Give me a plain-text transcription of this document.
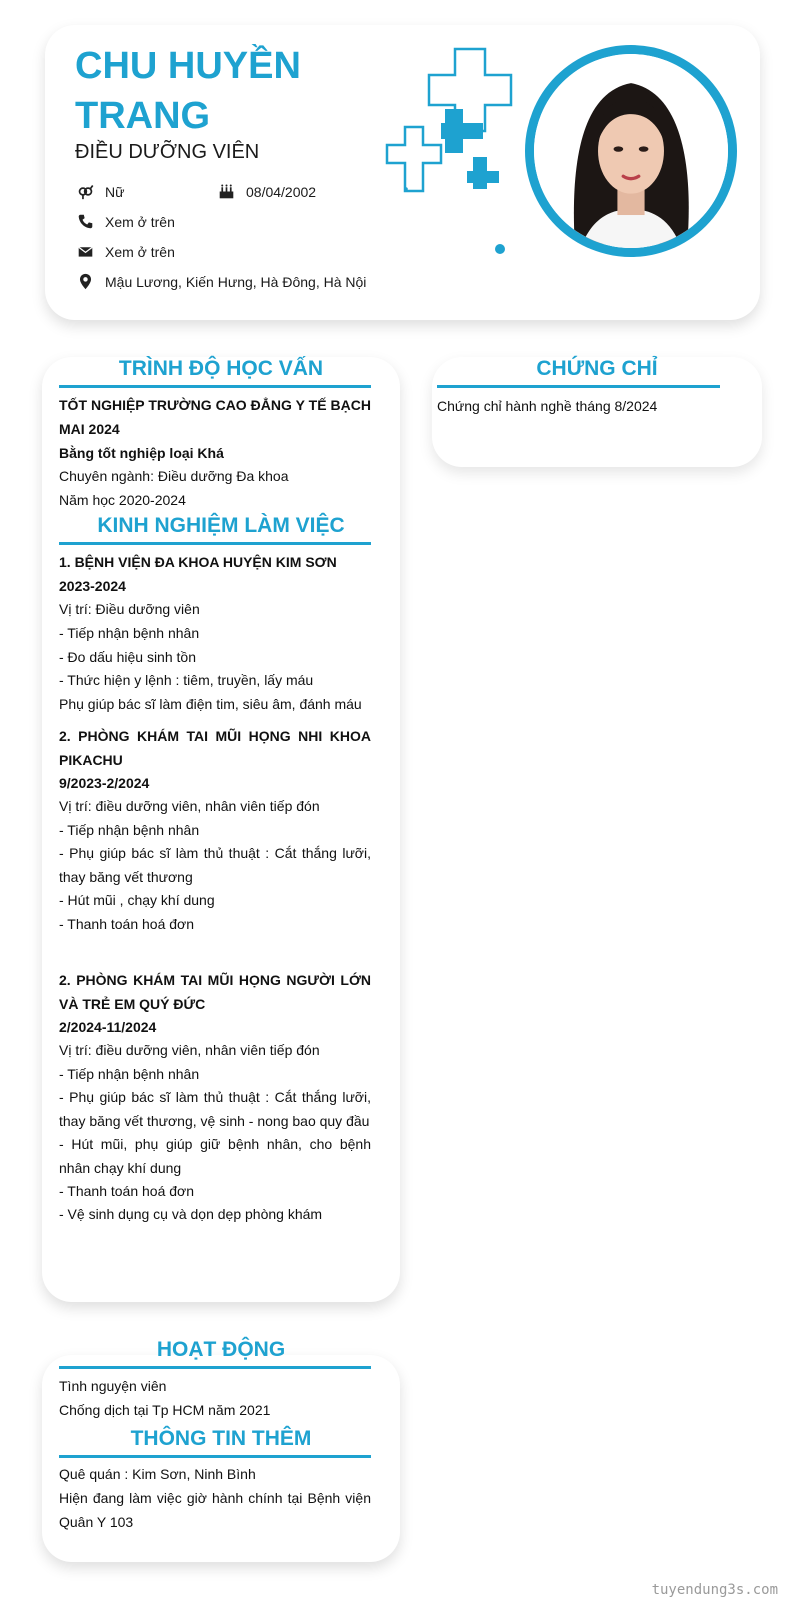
CHU HUYỀN TRANG
ĐIỀU DƯỠNG VIÊN
Nữ	08/04/2002
Xem ở trên
Xem ở trên
Mậu Lương, Kiến Hưng, Hà Đông, Hà Nội
TRÌNH ĐỘ HỌC VẤN
TỐT NGHIỆP TRƯỜNG CAO ĐẲNG Y TẾ BẠCH MAI 2024
Bằng tốt nghiệp loại Khá
Chuyên ngành: Điều dưỡng Đa khoa
Năm học 2020-2024
KINH NGHIỆM LÀM VIỆC
1. BỆNH VIỆN ĐA KHOA HUYỆN KIM SƠN
2023-2024
Vị trí: Điều dưỡng viên
- Tiếp nhận bệnh nhân
- Đo dấu hiệu sinh tồn
- Thức hiện y lệnh : tiêm, truyền, lấy máu
Phụ giúp bác sĩ làm điện tim, siêu âm, đánh máu
2. PHÒNG KHÁM TAI MŨI HỌNG NHI KHOA PIKACHU
9/2023-2/2024
Vị trí: điều dưỡng viên, nhân viên tiếp đón
- Tiếp nhận bệnh nhân
- Phụ giúp bác sĩ làm thủ thuật : Cắt thắng lưỡi, thay băng vết thương
- Hút mũi , chạy khí dung
- Thanh toán hoá đơn
2. PHÒNG KHÁM TAI MŨI HỌNG NGƯỜI LỚN VÀ TRẺ EM QUÝ ĐỨC
2/2024-11/2024
Vị trí: điều dưỡng viên, nhân viên tiếp đón
- Tiếp nhận bệnh nhân
- Phụ giúp bác sĩ làm thủ thuật : Cắt thắng lưỡi, thay băng vết thương, vệ sinh - nong bao quy đầu
- Hút mũi, phụ giúp giữ bệnh nhân, cho bệnh nhân chạy khí dung
- Thanh toán hoá đơn
- Vệ sinh dụng cụ và dọn dẹp phòng khám
CHỨNG CHỈ
Chứng chỉ hành nghề tháng 8/2024
HOẠT ĐỘNG
Tình nguyện viên
Chống dịch tại Tp HCM năm 2021
THÔNG TIN THÊM
Quê quán : Kim Sơn, Ninh Bình
Hiện đang làm việc giờ hành chính tại Bệnh viện Quân Y 103
tuyendung3s.com
